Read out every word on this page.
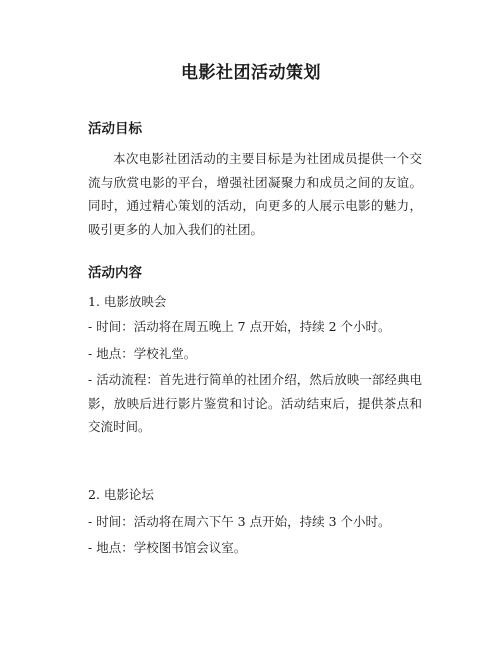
电影社团活动策划
活动目标

本次电影社团活动的主要目标是为社团成员提供一个交流与欣赏电影的平台，增强社团凝聚力和成员之间的友谊。同时，通过精心策划的活动，向更多的人展示电影的魅力，吸引更多的人加入我们的社团。

活动内容

1. 电影放映会

- 时间：活动将在周五晚上 7 点开始，持续 2 个小时。

- 地点：学校礼堂。

- 活动流程：首先进行简单的社团介绍，然后放映一部经典电影，放映后进行影片鉴赏和讨论。活动结束后，提供茶点和交流时间。

2. 电影论坛

- 时间：活动将在周六下午 3 点开始，持续 3 个小时。

- 地点：学校图书馆会议室。
